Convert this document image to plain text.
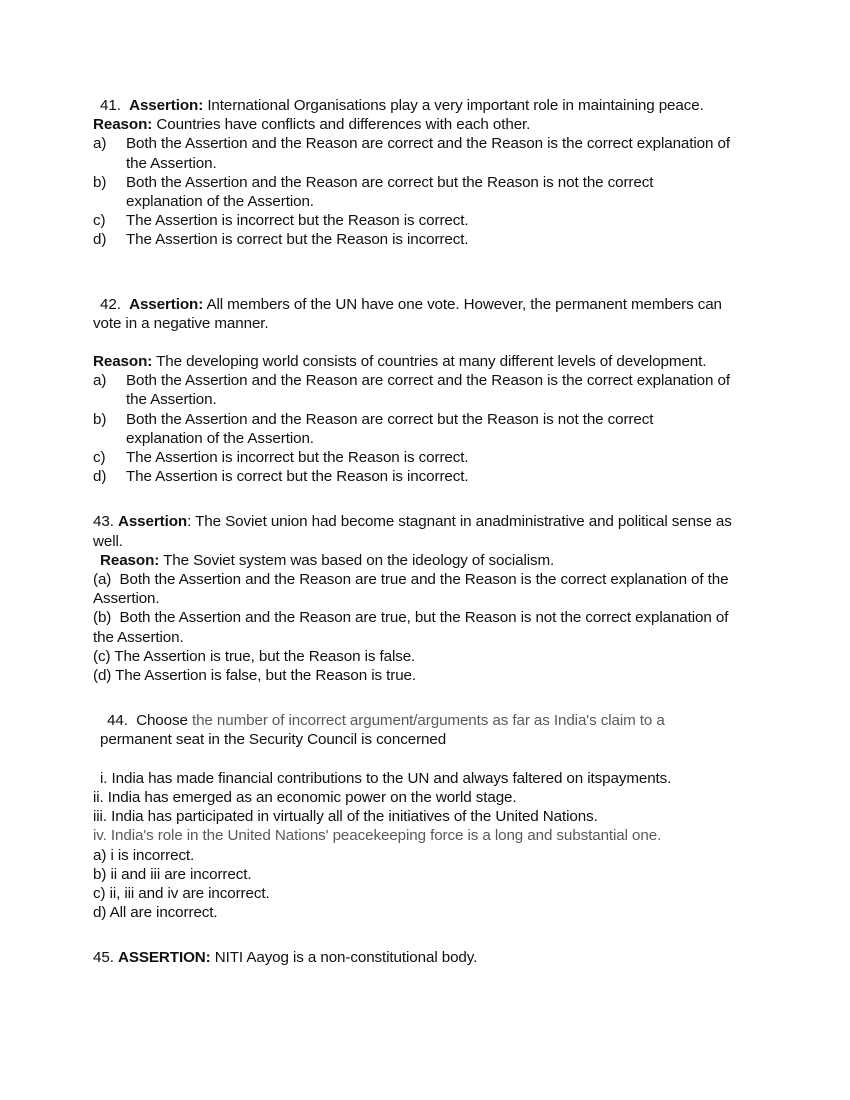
41. Assertion: International Organisations play a very important role in maintaining peace.
Reason: Countries have conflicts and differences with each other.
a) Both the Assertion and the Reason are correct and the Reason is the correct explanation of the Assertion.
b) Both the Assertion and the Reason are correct but the Reason is not the correct explanation of the Assertion.
c) The Assertion is incorrect but the Reason is correct.
d) The Assertion is correct but the Reason is incorrect.
42. Assertion: All members of the UN have one vote. However, the permanent members can vote in a negative manner.
Reason: The developing world consists of countries at many different levels of development.
a) Both the Assertion and the Reason are correct and the Reason is the correct explanation of the Assertion.
b) Both the Assertion and the Reason are correct but the Reason is not the correct explanation of the Assertion.
c) The Assertion is incorrect but the Reason is correct.
d) The Assertion is correct but the Reason is incorrect.
43. Assertion: The Soviet union had become stagnant in anadministrative and political sense as well.
Reason: The Soviet system was based on the ideology of socialism.
(a) Both the Assertion and the Reason are true and the Reason is the correct explanation of the Assertion.
(b) Both the Assertion and the Reason are true, but the Reason is not the correct explanation of the Assertion.
(c) The Assertion is true, but the Reason is false.
(d) The Assertion is false, but the Reason is true.
44. Choose the number of incorrect argument/arguments as far as India's claim to a
permanent seat in the Security Council is concerned
i. India has made financial contributions to the UN and always faltered on itspayments.
ii. India has emerged as an economic power on the world stage.
iii. India has participated in virtually all of the initiatives of the United Nations.
iv. India's role in the United Nations' peacekeeping force is a long and substantial one.
a) i is incorrect.
b) ii and iii are incorrect.
c) ii, iii and iv are incorrect.
d) All are incorrect.
45. ASSERTION: NITI Aayog is a non-constitutional body.
